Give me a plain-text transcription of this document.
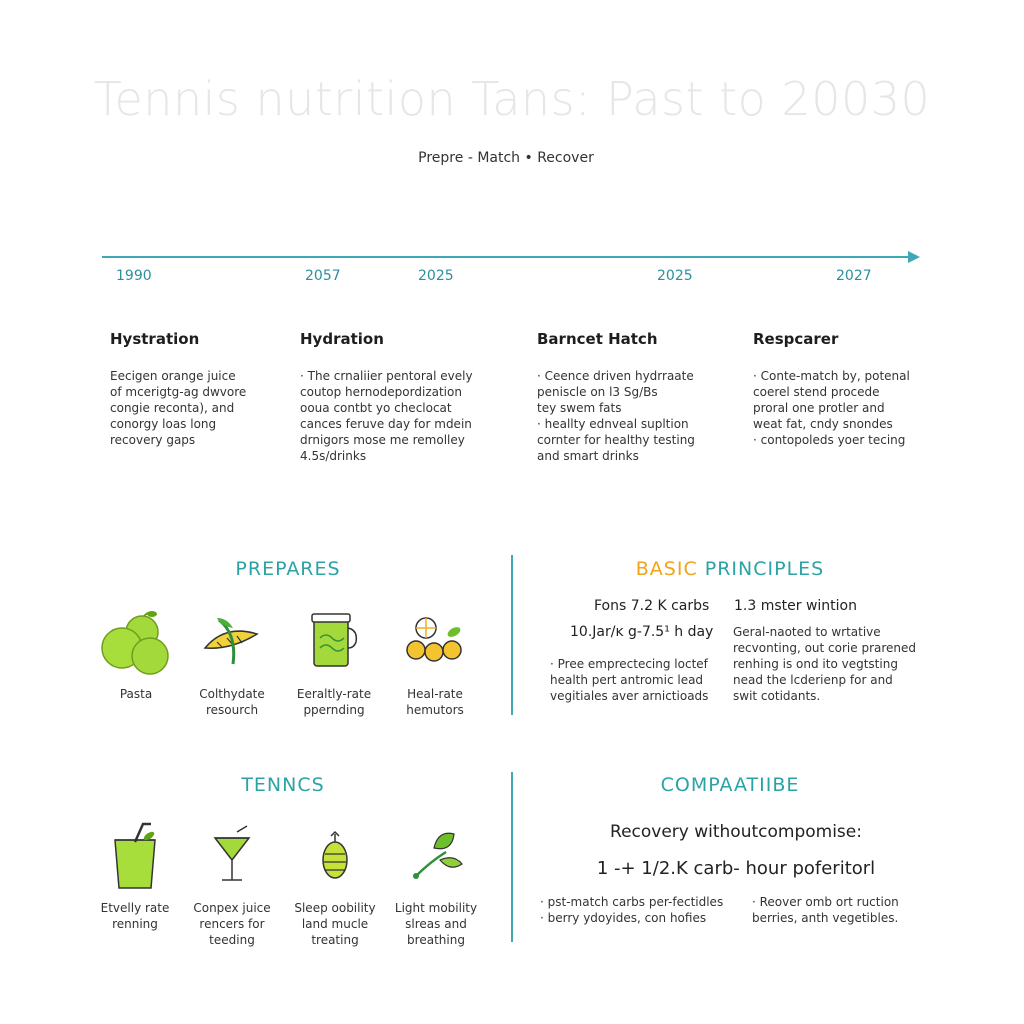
Tennis nutrition Tans: Past to 20030
Prepre - Match • Recover
1990	2057	2025	2025	2027
Hystration
Eecigen orange juice
of mcerigtg-ag dwvore
congie reconta), and
conorgy loas long
recovery gaps
Hydration
· The crnaliier pentoral evely
coutop hernodepordization
ooua contbt yo checlocat
cances feruve day for mdein
drnigors mose me remolley
4.5s/drinks
Barncet Hatch
· Ceence driven hydrraate
peniscle on l3 Sg/Bs
tey swem fats
· heallty ednveal supltion
cornter for healthy testing
and smart drinks
Respcarer
· Conte-match by, potenal
coerel stend procede
proral one protler and
weat fat, cndy snondes
· contopoleds yoer tecing
PREPARES
Pasta	Colthydate
resourch
Eeraltly-rate
ppernding
Heal-rate
hemutors
BASIC PRINCIPLES
Fons 7.2 K carbs 1.3 mster wintion
10.Jar/ĸ g-7.5¹ h day
· Pree emprectecing loctef
health pert antromic lead
vegitiales aver arnictioads
Geral-naoted to wrtative
recvonting, out corie prarened
renhing is ond ito vegtsting
nead the lcderienp for and
swit cotidants.
TENNCS
Etvelly rate
renning
Conpex juice
rencers for
teeding
Sleep oobility
land mucle
treating
Light mobility
slreas and
breathing
COMPAATIIBE
Recovery withoutcompomise:
1 -+ 1/2.K carb- hour poferitorl
· pst-match carbs per-fectidles
· berry ydoyides, con hofies
· Reover omb ort ruction
berries, anth vegetibles.
